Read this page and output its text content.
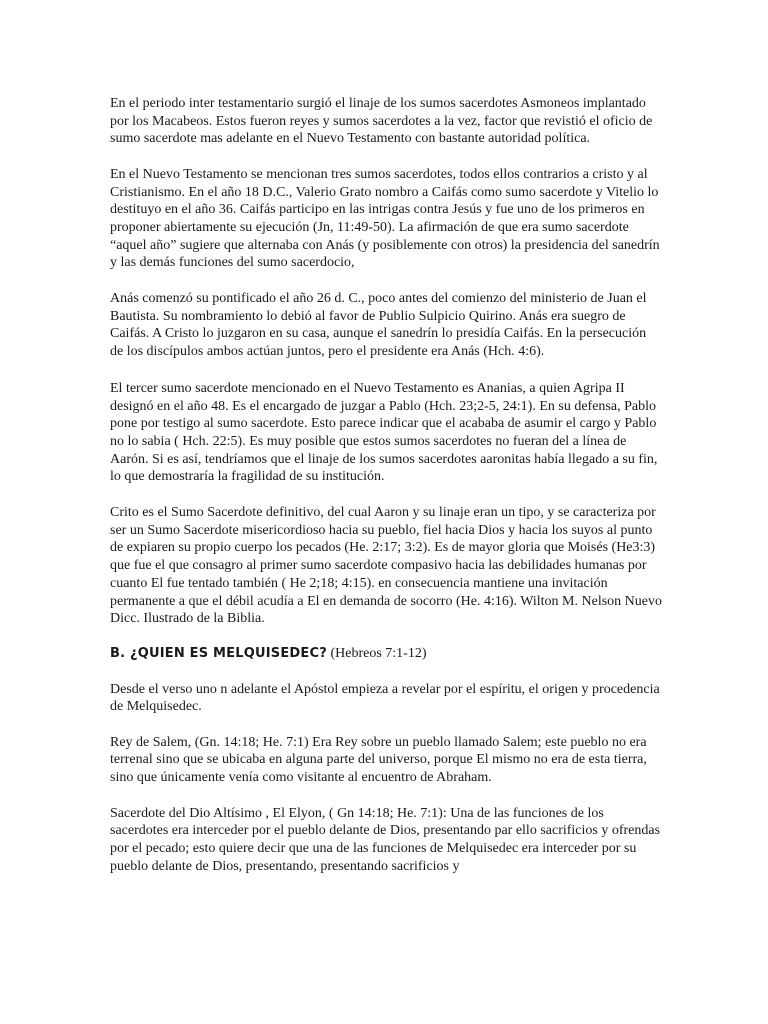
En el periodo inter testamentario surgió el linaje de los sumos sacerdotes Asmoneos implantado por los Macabeos. Estos fueron reyes y sumos sacerdotes a la vez, factor que revistió el oficio de sumo sacerdote mas adelante en el Nuevo Testamento con bastante autoridad política.

En el Nuevo Testamento se mencionan tres sumos sacerdotes, todos ellos contrarios a cristo y al Cristianismo. En el año 18 D.C., Valerio Grato nombro a Caifás como sumo sacerdote y Vitelio lo destituyo en el año 36. Caifás participo en las intrigas contra Jesús y fue uno de los primeros en proponer abiertamente su ejecución (Jn, 11:49-50). La afirmación de que era sumo sacerdote “aquel año” sugiere que alternaba con Anás (y posiblemente con otros) la presidencia del sanedrín y las demás funciones del sumo sacerdocio,

Anás comenzó su pontificado el año 26 d. C., poco antes del comienzo del ministerio de Juan el Bautista. Su nombramiento lo debió al favor de Publio Sulpicio Quirino. Anás era suegro de Caifás. A Cristo lo juzgaron en su casa, aunque el sanedrín lo presidía Caifás. En la persecución de los discípulos ambos actúan juntos, pero el presidente era Anás (Hch. 4:6).

El tercer sumo sacerdote mencionado en el Nuevo Testamento es Ananias, a quien Agripa II designó en el año 48. Es el encargado de juzgar a Pablo (Hch. 23;2-5, 24:1). En su defensa, Pablo pone por testigo al sumo sacerdote. Esto parece indicar que el acababa de asumir el cargo y Pablo no lo sabia ( Hch. 22:5). Es muy posible que estos sumos sacerdotes no fueran del a línea de Aarón. Si es así, tendríamos que el linaje de los sumos sacerdotes aaronitas había llegado a su fin, lo que demostraría la fragilidad de su institución.

Crito es el Sumo Sacerdote definitivo, del cual Aaron y su linaje eran un tipo, y se caracteriza por ser un Sumo Sacerdote misericordioso hacia su pueblo, fiel hacia Dios y hacia los suyos al punto de expiaren su propio cuerpo los pecados (He. 2:17; 3:2). Es de mayor gloria que Moisés (He3:3) que fue el que consagro al primer sumo sacerdote compasivo hacia las debilidades humanas por cuanto El fue tentado también ( He 2;18; 4:15). en consecuencia mantiene una invitación permanente a que el débil acudía a El en demanda de socorro (He. 4:16). Wilton M. Nelson Nuevo Dicc. Ilustrado de la Biblia.

B. ¿QUIEN ES MELQUISEDEC? (Hebreos 7:1-12)

Desde el verso uno n adelante el Apóstol empieza a revelar por el espíritu, el origen y procedencia de Melquisedec.

Rey de Salem, (Gn. 14:18; He. 7:1) Era Rey sobre un pueblo llamado Salem; este pueblo no era terrenal sino que se ubicaba en alguna parte del universo, porque El mismo no era de esta tierra, sino que únicamente venía como visitante al encuentro de Abraham.

Sacerdote del Dio Altísimo , El Elyon, ( Gn 14:18; He. 7:1): Una de las funciones de los sacerdotes era interceder por el pueblo delante de Dios, presentando par ello sacrificios y ofrendas por el pecado; esto quiere decir que una de las funciones de Melquisedec era interceder por su pueblo delante de Dios, presentando, presentando sacrificios y
